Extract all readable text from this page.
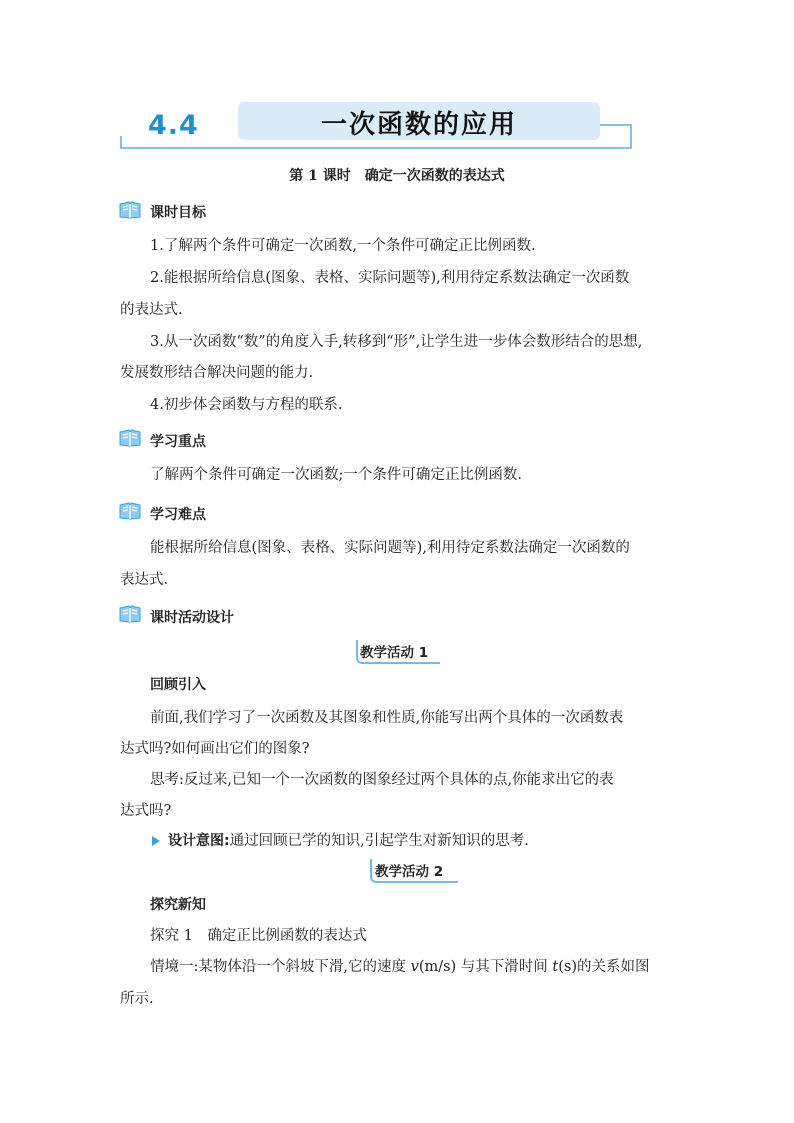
4.4	一次函数的应用
第 1 课时　确定一次函数的表达式
课时目标
1.了解两个条件可确定一次函数,一个条件可确定正比例函数.
2.能根据所给信息(图象、表格、实际问题等),利用待定系数法确定一次函数
的表达式.
3.从一次函数“数”的角度入手,转移到“形”,让学生进一步体会数形结合的思想,
发展数形结合解决问题的能力.
4.初步体会函数与方程的联系.
学习重点
了解两个条件可确定一次函数;一个条件可确定正比例函数.
学习难点
能根据所给信息(图象、表格、实际问题等),利用待定系数法确定一次函数的
表达式.
课时活动设计
教学活动 1
回顾引入
前面,我们学习了一次函数及其图象和性质,你能写出两个具体的一次函数表
达式吗?如何画出它们的图象?
思考:反过来,已知一个一次函数的图象经过两个具体的点,你能求出它的表
达式吗?
设计意图:通过回顾已学的知识,引起学生对新知识的思考.
教学活动 2
探究新知
探究 1　确定正比例函数的表达式
情境一:某物体沿一个斜坡下滑,它的速度 v(m/s) 与其下滑时间 t(s)的关系如图
所示.
